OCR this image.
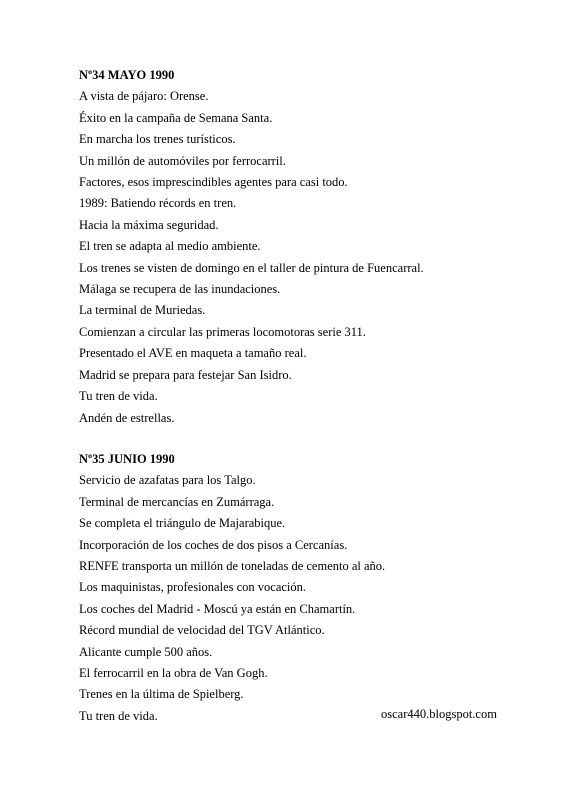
Nº34 MAYO 1990

A vista de pájaro: Orense.

Éxito en la campaña de Semana Santa.

En marcha los trenes turísticos.

Un millón de automóviles por ferrocarril.

Factores, esos imprescindibles agentes para casi todo.

1989: Batiendo récords en tren.

Hacia la máxima seguridad.

El tren se adapta al medio ambiente.

Los trenes se visten de domingo en el taller de pintura de Fuencarral.

Málaga se recupera de las inundaciones.

La terminal de Muriedas.

Comienzan a circular las primeras locomotoras serie 311.

Presentado el AVE en maqueta a tamaño real.

Madrid se prepara para festejar San Isidro.

Tu tren de vida.

Andén de estrellas.

Nº35 JUNIO 1990

Servicio de azafatas para los Talgo.

Terminal de mercancías en Zumárraga.

Se completa el triángulo de Majarabique.

Incorporación de los coches de dos pisos a Cercanías.

RENFE transporta un millón de toneladas de cemento al año.

Los maquinistas, profesionales con vocación.

Los coches del Madrid - Moscú ya están en Chamartín.

Récord mundial de velocidad del TGV Atlántico.

Alicante cumple 500 años.

El ferrocarril en la obra de Van Gogh.

Trenes en la última de Spielberg.

Tu tren de vida.	oscar440.blogspot.com
